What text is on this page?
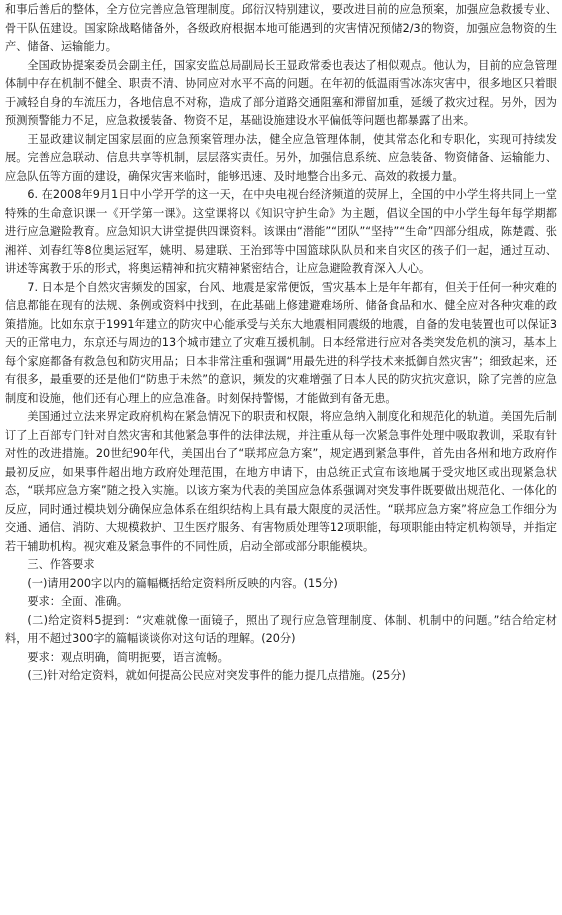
和事后善后的整体，全方位完善应急管理制度。邱衍汉特别建议，要改进目前的应急预案，加强应急救援专业、骨干队伍建设。国家除战略储备外，各级政府根据本地可能遇到的灾害情况预储2/3的物资，加强应急物资的生产、储备、运输能力。

全国政协提案委员会副主任，国家安监总局副局长王显政常委也表达了相似观点。他认为，目前的应急管理体制中存在机制不健全、职责不清、协同应对水平不高的问题。在年初的低温雨雪冰冻灾害中，很多地区只着眼于减轻自身的车流压力，各地信息不对称，造成了部分道路交通阻塞和滞留加重，延缓了救灾过程。另外，因为预测预警能力不足，应急救援装备、物资不足，基础设施建设水平偏低等问题也都暴露了出来。

王显政建议制定国家层面的应急预案管理办法，健全应急管理体制，使其常态化和专职化，实现可持续发展。完善应急联动、信息共享等机制，层层落实责任。另外，加强信息系统、应急装备、物资储备、运输能力、应急队伍等方面的建设，确保灾害来临时，能够迅速、及时地整合出多元、高效的救援力量。

6. 在2008年9月1日中小学开学的这一天，在中央电视台经济频道的荧屏上，全国的中小学生将共同上一堂特殊的生命意识课一《开学第一课》。这堂课将以《知识守护生命》为主题，倡议全国的中小学生每年每学期都进行应急避险教育。应急知识大讲堂提供四课资料。该课由“潜能”“团队”“坚持”“生命”四部分组成，陈楚霞、张湘祥、刘春红等8位奥运冠军，姚明、易建联、王治郅等中国篮球队队员和来自灾区的孩子们一起，通过互动、讲述等寓教于乐的形式，将奥运精神和抗灾精神紧密结合，让应急避险教育深入人心。

7. 日本是个自然灾害频发的国家，台风、地震是家常便饭，雪灾基本上是年年都有，但关于任何一种灾难的信息都能在现有的法规、条例或资料中找到，在此基础上修建避难场所、储备食品和水、健全应对各种灾难的政策措施。比如东京于1991年建立的防灾中心能承受与关东大地震相同震级的地震，自备的发电装置也可以保证3天的正常电力，东京还与周边的13个城市建立了灾难互援机制。日本经常进行应对各类突发危机的演习，基本上每个家庭都备有救急包和防灾用品；日本非常注重和强调“用最先进的科学技术来抵御自然灾害”；细致起来，还有很多，最重要的还是他们“防患于未然”的意识，频发的灾难增强了日本人民的防灾抗灾意识，除了完善的应急制度和设施，他们还有心理上的应急准备。时刻保持警惕，才能做到有备无患。

美国通过立法来界定政府机构在紧急情况下的职责和权限，将应急纳入制度化和规范化的轨道。美国先后制订了上百部专门针对自然灾害和其他紧急事件的法律法规，并注重从每一次紧急事件处理中吸取教训，采取有针对性的改进措施。20世纪90年代，美国出台了“联邦应急方案”，规定遇到紧急事件，首先由各州和地方政府作最初反应，如果事件超出地方政府处理范围，在地方申请下，由总统正式宣布该地属于受灾地区或出现紧急状态，“联邦应急方案”随之投入实施。以该方案为代表的美国应急体系强调对突发事件既要做出规范化、一体化的反应，同时通过模块划分确保应急体系在组织结构上具有最大限度的灵活性。“联邦应急方案”将应急工作细分为交通、通信、消防、大规模救护、卫生医疗服务、有害物质处理等12项职能，每项职能由特定机构领导，并指定若干辅助机构。视灾难及紧急事件的不同性质，启动全部或部分职能模块。

三、作答要求

(一)请用200字以内的篇幅概括给定资料所反映的内容。(15分)

要求：全面、准确。

(二)给定资料5提到：“灾难就像一面镜子，照出了现行应急管理制度、体制、机制中的问题。”结合给定材料，用不超过300字的篇幅谈谈你对这句话的理解。(20分)

要求：观点明确，简明扼要，语言流畅。

(三)针对给定资料，就如何提高公民应对突发事件的能力提几点措施。(25分)
